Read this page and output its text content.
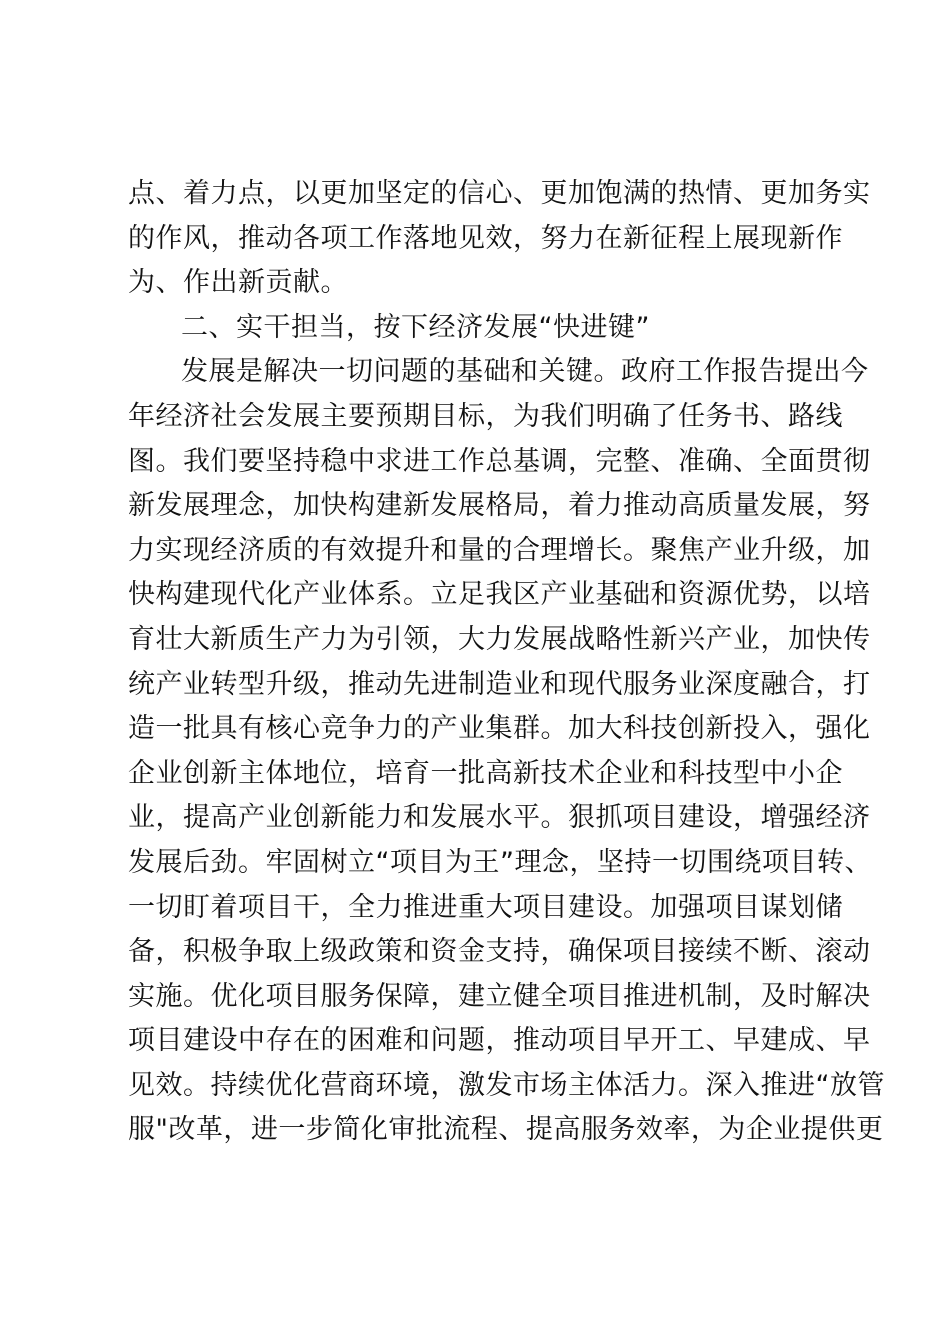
点、着力点，以更加坚定的信心、更加饱满的热情、更加务实
的作风，推动各项工作落地见效，努力在新征程上展现新作
为、作出新贡献。
二、实干担当，按下经济发展“快进键”
发展是解决一切问题的基础和关键。政府工作报告提出今
年经济社会发展主要预期目标，为我们明确了任务书、路线
图。我们要坚持稳中求进工作总基调，完整、准确、全面贯彻
新发展理念，加快构建新发展格局，着力推动高质量发展，努
力实现经济质的有效提升和量的合理增长。聚焦产业升级，加
快构建现代化产业体系。立足我区产业基础和资源优势，以培
育壮大新质生产力为引领，大力发展战略性新兴产业，加快传
统产业转型升级，推动先进制造业和现代服务业深度融合，打
造一批具有核心竞争力的产业集群。加大科技创新投入，强化
企业创新主体地位，培育一批高新技术企业和科技型中小企
业，提高产业创新能力和发展水平。狠抓项目建设，增强经济
发展后劲。牢固树立“项目为王”理念，坚持一切围绕项目转、
一切盯着项目干，全力推进重大项目建设。加强项目谋划储
备，积极争取上级政策和资金支持，确保项目接续不断、滚动
实施。优化项目服务保障，建立健全项目推进机制，及时解决
项目建设中存在的困难和问题，推动项目早开工、早建成、早
见效。持续优化营商环境，激发市场主体活力。深入推进“放管
服"改革，进一步简化审批流程、提高服务效率，为企业提供更
